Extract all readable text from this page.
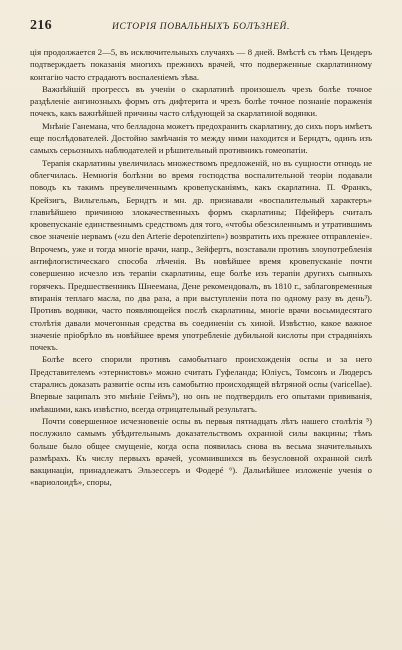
216	ИСТОРІЯ ПОВАЛЬНЫХЪ БОЛЪЗНЕЙ.

ція продолжается 2—5, въ исключительныхъ случаяхъ — 8 дней. Вмѣстѣ съ тѣмъ Цендеръ подтверждаетъ показанія многихъ прежнихъ врачей, что подверженные скарлатинному контагію часто страдаютъ воспаленіемъ зѣва.

Важнѣйшій прогрессъ въ ученіи о скарлатинѣ произошелъ чрезъ болѣе точное раздѣленіе ангинозныхъ формъ отъ дифтерита и чрезъ болѣе точное познаніе пораженія почекъ, какъ важнѣйшей причины часто слѣдующей за скарлатиной водянки.

Мнѣніе Ганемана, что белладона можетъ предохранить скарлатину, до сихъ поръ имѣетъ еще послѣдователей. Достойно замѣчанія то между ними находится и Берндтъ, одинъ изъ самыхъ серьозныхъ наблюдателей и рѣшительный противникъ гомеопатіи.

Терапія скарлатины увеличилась множествомъ предложеній, но въ сущности отнюдь не облегчилась. Немногія болѣзни во время господства воспалительной теоріи подавали поводъ къ такимъ преувеличеннымъ кровепусканіямъ, какъ скарлатина. П. Франкъ, Крейзигъ, Вильгельмъ, Берндтъ и мн. др. признавали «воспалительный характеръ» главнѣйшею причиною злокачественныхъ формъ скарлатины; Пфейферъ считалъ кровепусканіе единственнымъ средствомъ для того, «чтобы обезсиленнымъ и утратившимъ свое значеніе нервамъ («zu den Arterie depotenzirten») возвратить ихъ прежнее отправленіе». Впрочемъ, уже и тогда многіе врачи, напр., Зейфертъ, возставали противъ злоупотребленія антифлогистическаго способа лѣченія. Въ новѣйшее время кровепусканіе почти совершенно исчезло изъ терапіи скарлатины, еще болѣе изъ терапіи другихъ сыпныхъ горячекъ. Предшественникъ Шнеемана, Дене рекомендовалъ, въ 1810 г., заблаговременныя втиранія теплаго масла, по два раза, а при выступленіи пота по одному разу въ день³). Противъ водянки, часто появляющейся послѣ скарлатины, многіе врачи восьмидесятаго столѣтія давали мочегонныя средства въ соединеніи съ хиной. Извѣстно, какое важное значеніе пріобрѣло въ новѣйшее время употребленіе дубильной кислоты при страдяніяхъ почекъ.

Болѣе всего спорили противъ самобытнаго происхожденія оспы и за него Представителемъ «этернистовъ» можно считать Гуфеланда; Юліусъ, Томсонъ и Людерсъ старались доказать развитіе оспы изъ самобытно происходящей вѣтряной оспы (varicellae). Впервые заципалъ это мнѣніе Геймъ³), но онъ не подтвердилъ его опытами прививанія, имѣвшими, какъ извѣстно, всегда отрицательный результатъ.

Почти совершенное исчезновеніе оспы въ первыя пятнадцать лѣтъ нашего столѣтія ⁵) послужило самымъ убѣдительнымъ доказательствомъ охранной силы вакцины; тѣмъ больше было общее смущеніе, когда оспа появилась снова въ весьма значительныхъ размѣрахъ. Къ числу первыхъ врачей, усомнившихся въ безусловной охранной силѣ вакцинаціи, принадлежатъ Эльзессеръ и Фодерé ⁶). Дальнѣйшее изложеніе ученія о «вариолоидѣ», споры,
